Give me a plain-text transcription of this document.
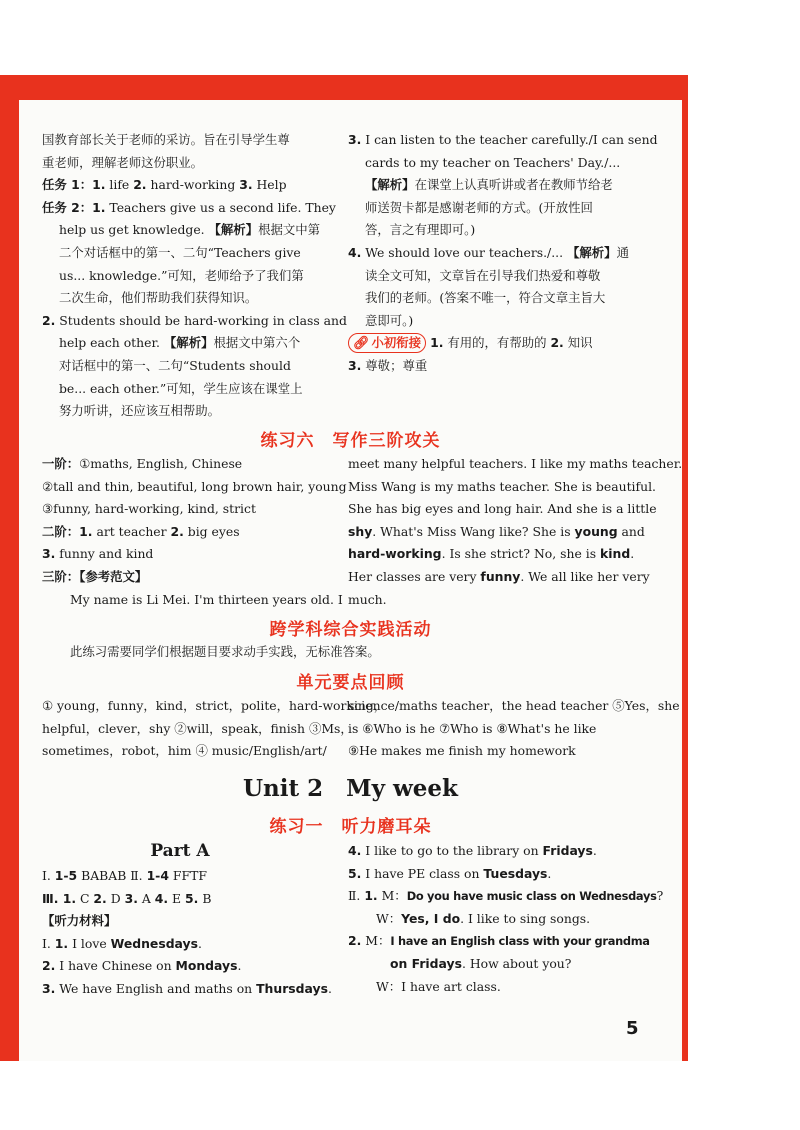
国教育部长关于老师的采访。旨在引导学生尊
重老师，理解老师这份职业。
任务 1：1. life 2. hard-working 3. Help
任务 2：1. Teachers give us a second life. They
help us get knowledge. 【解析】根据文中第
二个对话框中的第一、二句“Teachers give
us... knowledge.”可知，老师给予了我们第
二次生命，他们帮助我们获得知识。
2. Students should be hard-working in class and
help each other. 【解析】根据文中第六个
对话框中的第一、二句“Students should
be... each other.”可知，学生应该在课堂上
努力听讲，还应该互相帮助。
3. I can listen to the teacher carefully./I can send
cards to my teacher on Teachers' Day./...
【解析】在课堂上认真听讲或者在教师节给老
师送贺卡都是感谢老师的方式。(开放性回
答，言之有理即可。)
4. We should love our teachers./... 【解析】通
读全文可知，文章旨在引导我们热爱和尊敬
我们的老师。(答案不唯一，符合文章主旨大
意即可。)
🔗︎ 小初衔接 1. 有用的，有帮助的 2. 知识
3. 尊敬；尊重
练习六　写作三阶攻关
一阶：①maths, English, Chinese
②tall and thin, beautiful, long brown hair, young
③funny, hard-working, kind, strict
二阶：1. art teacher 2. big eyes
3. funny and kind
三阶：【参考范文】
My name is Li Mei. I'm thirteen years old. I
meet many helpful teachers. I like my maths teacher.
Miss Wang is my maths teacher. She is beautiful.
She has big eyes and long hair. And she is a little
shy. What's Miss Wang like? She is young and
hard-working. Is she strict? No, she is kind.
Her classes are very funny. We all like her very
much.
跨学科综合实践活动
此练习需要同学们根据题目要求动手实践，无标准答案。
单元要点回顾
① young，funny，kind，strict，polite，hard-working，
helpful，clever，shy ②will，speak，finish ③Ms，
sometimes，robot，him ④ music/English/art/
science/maths teacher，the head teacher ⑤Yes，she
is ⑥Who is he ⑦Who is ⑧What's he like
⑨He makes me finish my homework
Unit 2　My week
练习一　听力磨耳朵
Part A
Ⅰ. 1-5 BABAB Ⅱ. 1-4 FFTF
Ⅲ. 1. C 2. D 3. A 4. E 5. B
【听力材料】
Ⅰ. 1. I love Wednesdays.
2. I have Chinese on Mondays.
3. We have English and maths on Thursdays.
4. I like to go to the library on Fridays.
5. I have PE class on Tuesdays.
Ⅱ. 1. M：Do you have music class on Wednesdays?
W：Yes, I do. I like to sing songs.
2. M：I have an English class with your grandma
on Fridays. How about you?
W：I have art class.
5
